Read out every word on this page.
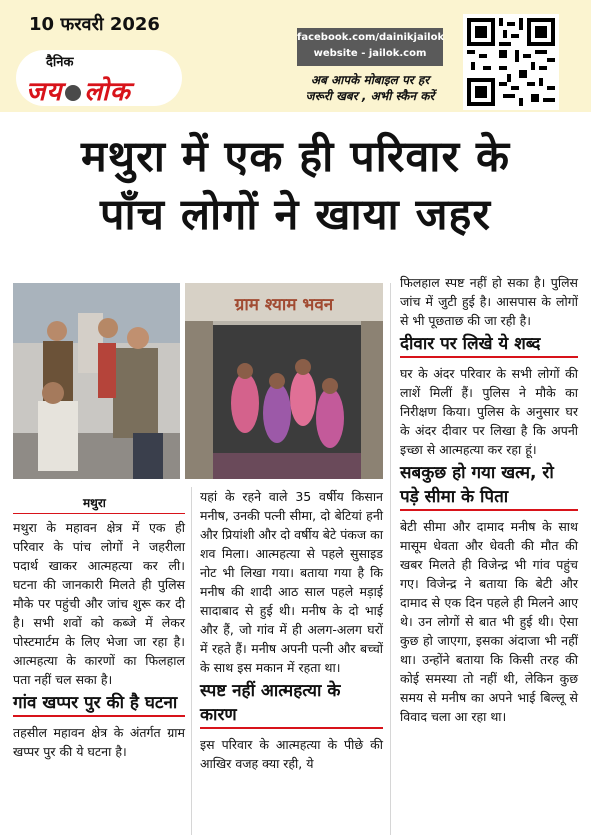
10 फरवरी 2026
दैनिक
जय लोक
facebook.com/dainikjailok
website - jailok.com
अब आपके मोबाइल पर हर
जरूरी खबर , अभी स्कैन करें
मथुरा में एक ही परिवार के
पाँच लोगों ने खाया जहर
ग्राम श्याम भवन
मथुरा
मथुरा के महावन क्षेत्र में एक ही परिवार के पांच लोगों ने जहरीला पदार्थ खाकर आत्महत्या कर ली। घटना की जानकारी मिलते ही पुलिस मौके पर पहुंची और जांच शुरू कर दी है। सभी शवों को कब्जे में लेकर पोस्टमार्टम के लिए भेजा जा रहा है। आत्महत्या के कारणों का फिलहाल पता नहीं चल सका है।
गांव खप्पर पुर की है घटना
तहसील महावन क्षेत्र के अंतर्गत ग्राम खप्पर पुर की ये घटना है।
यहां के रहने वाले 35 वर्षीय किसान मनीष, उनकी पत्नी सीमा, दो बेटियां हनी और प्रियांशी और दो वर्षीय बेटे पंकज का शव मिला। आत्महत्या से पहले सुसाइड नोट भी लिखा गया। बताया गया है कि मनीष की शादी आठ साल पहले मड़ाई सादाबाद से हुई थी। मनीष के दो भाई और हैं, जो गांव में ही अलग-अलग घरों में रहते हैं। मनीष अपनी पत्नी और बच्चों के साथ इस मकान में रहता था।
स्पष्ट नहीं आत्महत्या के कारण
इस परिवार के आत्महत्या के पीछे की आखिर वजह क्या रही, ये
फिलहाल स्पष्ट नहीं हो सका है। पुलिस जांच में जुटी हुई है। आसपास के लोगों से भी पूछताछ की जा रही है।
दीवार पर लिखे ये शब्द
घर के अंदर परिवार के सभी लोगों की लाशें मिलीं हैं। पुलिस ने मौके का निरीक्षण किया। पुलिस के अनुसार घर के अंदर दीवार पर लिखा है कि अपनी इच्छा से आत्महत्या कर रहा हूं।
सबकुछ हो गया खत्म, रो पड़े सीमा के पिता
बेटी सीमा और दामाद मनीष के साथ मासूम धेवता और धेवती की मौत की खबर मिलते ही विजेन्द्र भी गांव पहुंच गए। विजेन्द्र ने बताया कि बेटी और दामाद से एक दिन पहले ही मिलने आए थे। उन लोगों से बात भी हुई थी। ऐसा कुछ हो जाएगा, इसका अंदाजा भी नहीं था। उन्होंने बताया कि किसी तरह की कोई समस्या तो नहीं थी, लेकिन कुछ समय से मनीष का अपने भाई बिल्लू से विवाद चला आ रहा था।
